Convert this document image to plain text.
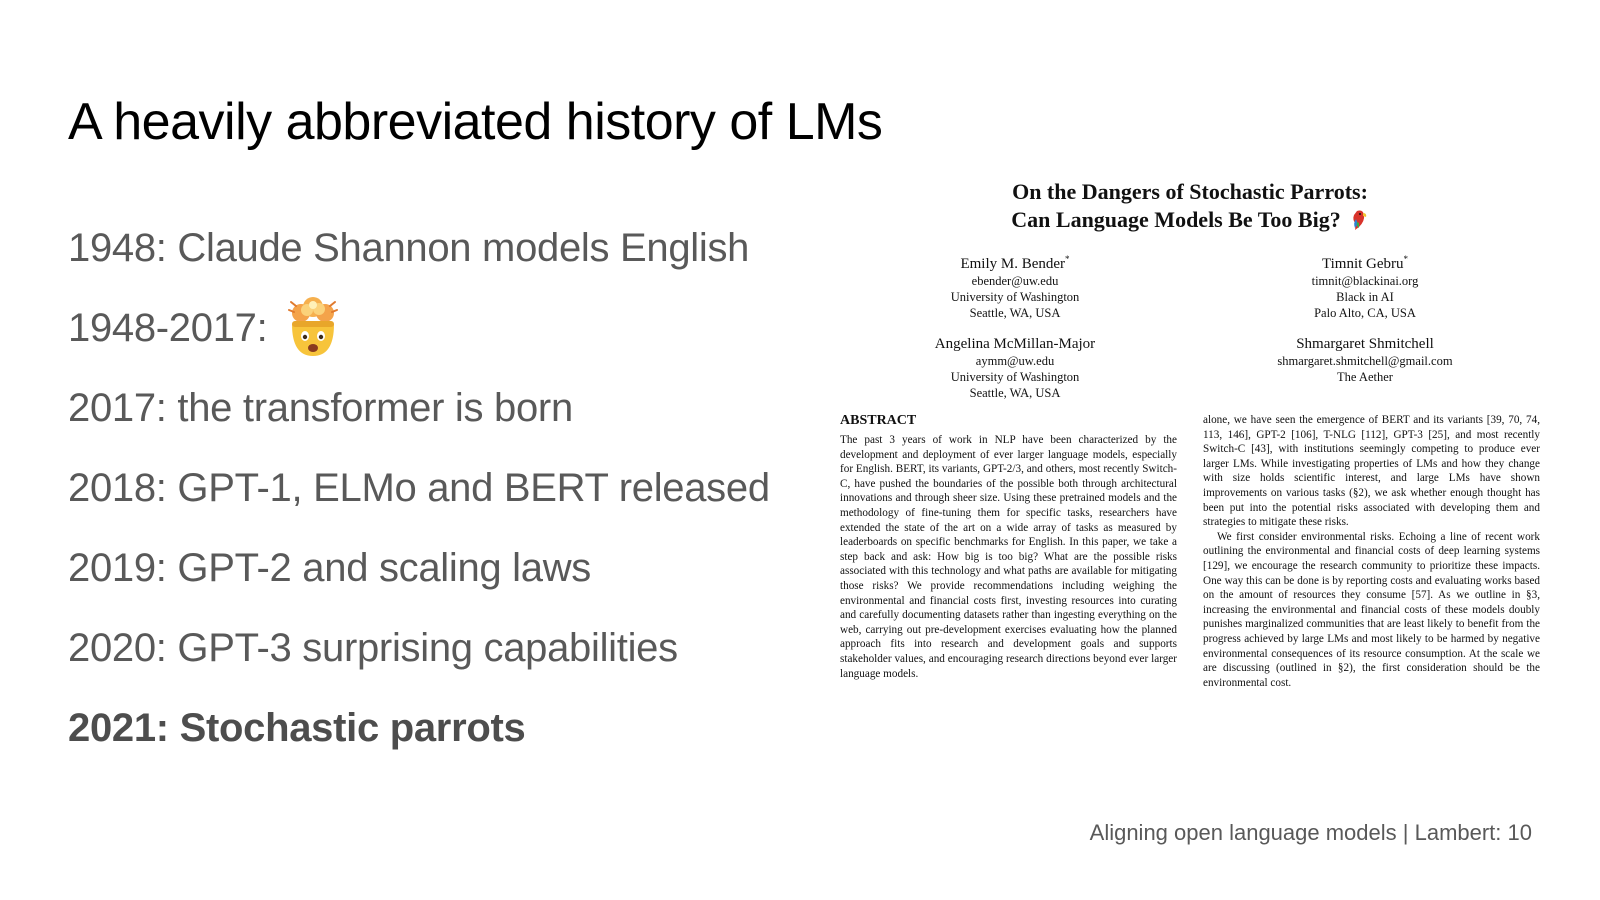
A heavily abbreviated history of LMs
1948: Claude Shannon models English
1948-2017:
2017: the transformer is born
2018: GPT-1, ELMo and BERT released
2019: GPT-2 and scaling laws
2020: GPT-3 surprising capabilities
2021: Stochastic parrots
On the Dangers of Stochastic Parrots:
Can Language Models Be Too Big?
Emily M. Bender*
ebender@uw.edu
University of Washington
Seattle, WA, USA
Timnit Gebru*
timnit@blackinai.org
Black in AI
Palo Alto, CA, USA
Angelina McMillan-Major
aymm@uw.edu
University of Washington
Seattle, WA, USA
Shmargaret Shmitchell
shmargaret.shmitchell@gmail.com
The Aether
ABSTRACT

The past 3 years of work in NLP have been characterized by the development and deployment of ever larger language models, especially for English. BERT, its variants, GPT-2/3, and others, most recently Switch-C, have pushed the boundaries of the possible both through architectural innovations and through sheer size. Using these pretrained models and the methodology of fine-tuning them for specific tasks, researchers have extended the state of the art on a wide array of tasks as measured by leaderboards on specific benchmarks for English. In this paper, we take a step back and ask: How big is too big? What are the possible risks associated with this technology and what paths are available for mitigating those risks? We provide recommendations including weighing the environmental and financial costs first, investing resources into curating and carefully documenting datasets rather than ingesting everything on the web, carrying out pre-development exercises evaluating how the planned approach fits into research and development goals and supports stakeholder values, and encouraging research directions beyond ever larger language models.

alone, we have seen the emergence of BERT and its variants [39, 70, 74, 113, 146], GPT-2 [106], T-NLG [112], GPT-3 [25], and most recently Switch-C [43], with institutions seemingly competing to produce ever larger LMs. While investigating properties of LMs and how they change with size holds scientific interest, and large LMs have shown improvements on various tasks (§2), we ask whether enough thought has been put into the potential risks associated with developing them and strategies to mitigate these risks.

We first consider environmental risks. Echoing a line of recent work outlining the environmental and financial costs of deep learning systems [129], we encourage the research community to prioritize these impacts. One way this can be done is by reporting costs and evaluating works based on the amount of resources they consume [57]. As we outline in §3, increasing the environmental and financial costs of these models doubly punishes marginalized communities that are least likely to benefit from the progress achieved by large LMs and most likely to be harmed by negative environmental consequences of its resource consumption. At the scale we are discussing (outlined in §2), the first consideration should be the environmental cost.

Aligning open language models | Lambert: 10
